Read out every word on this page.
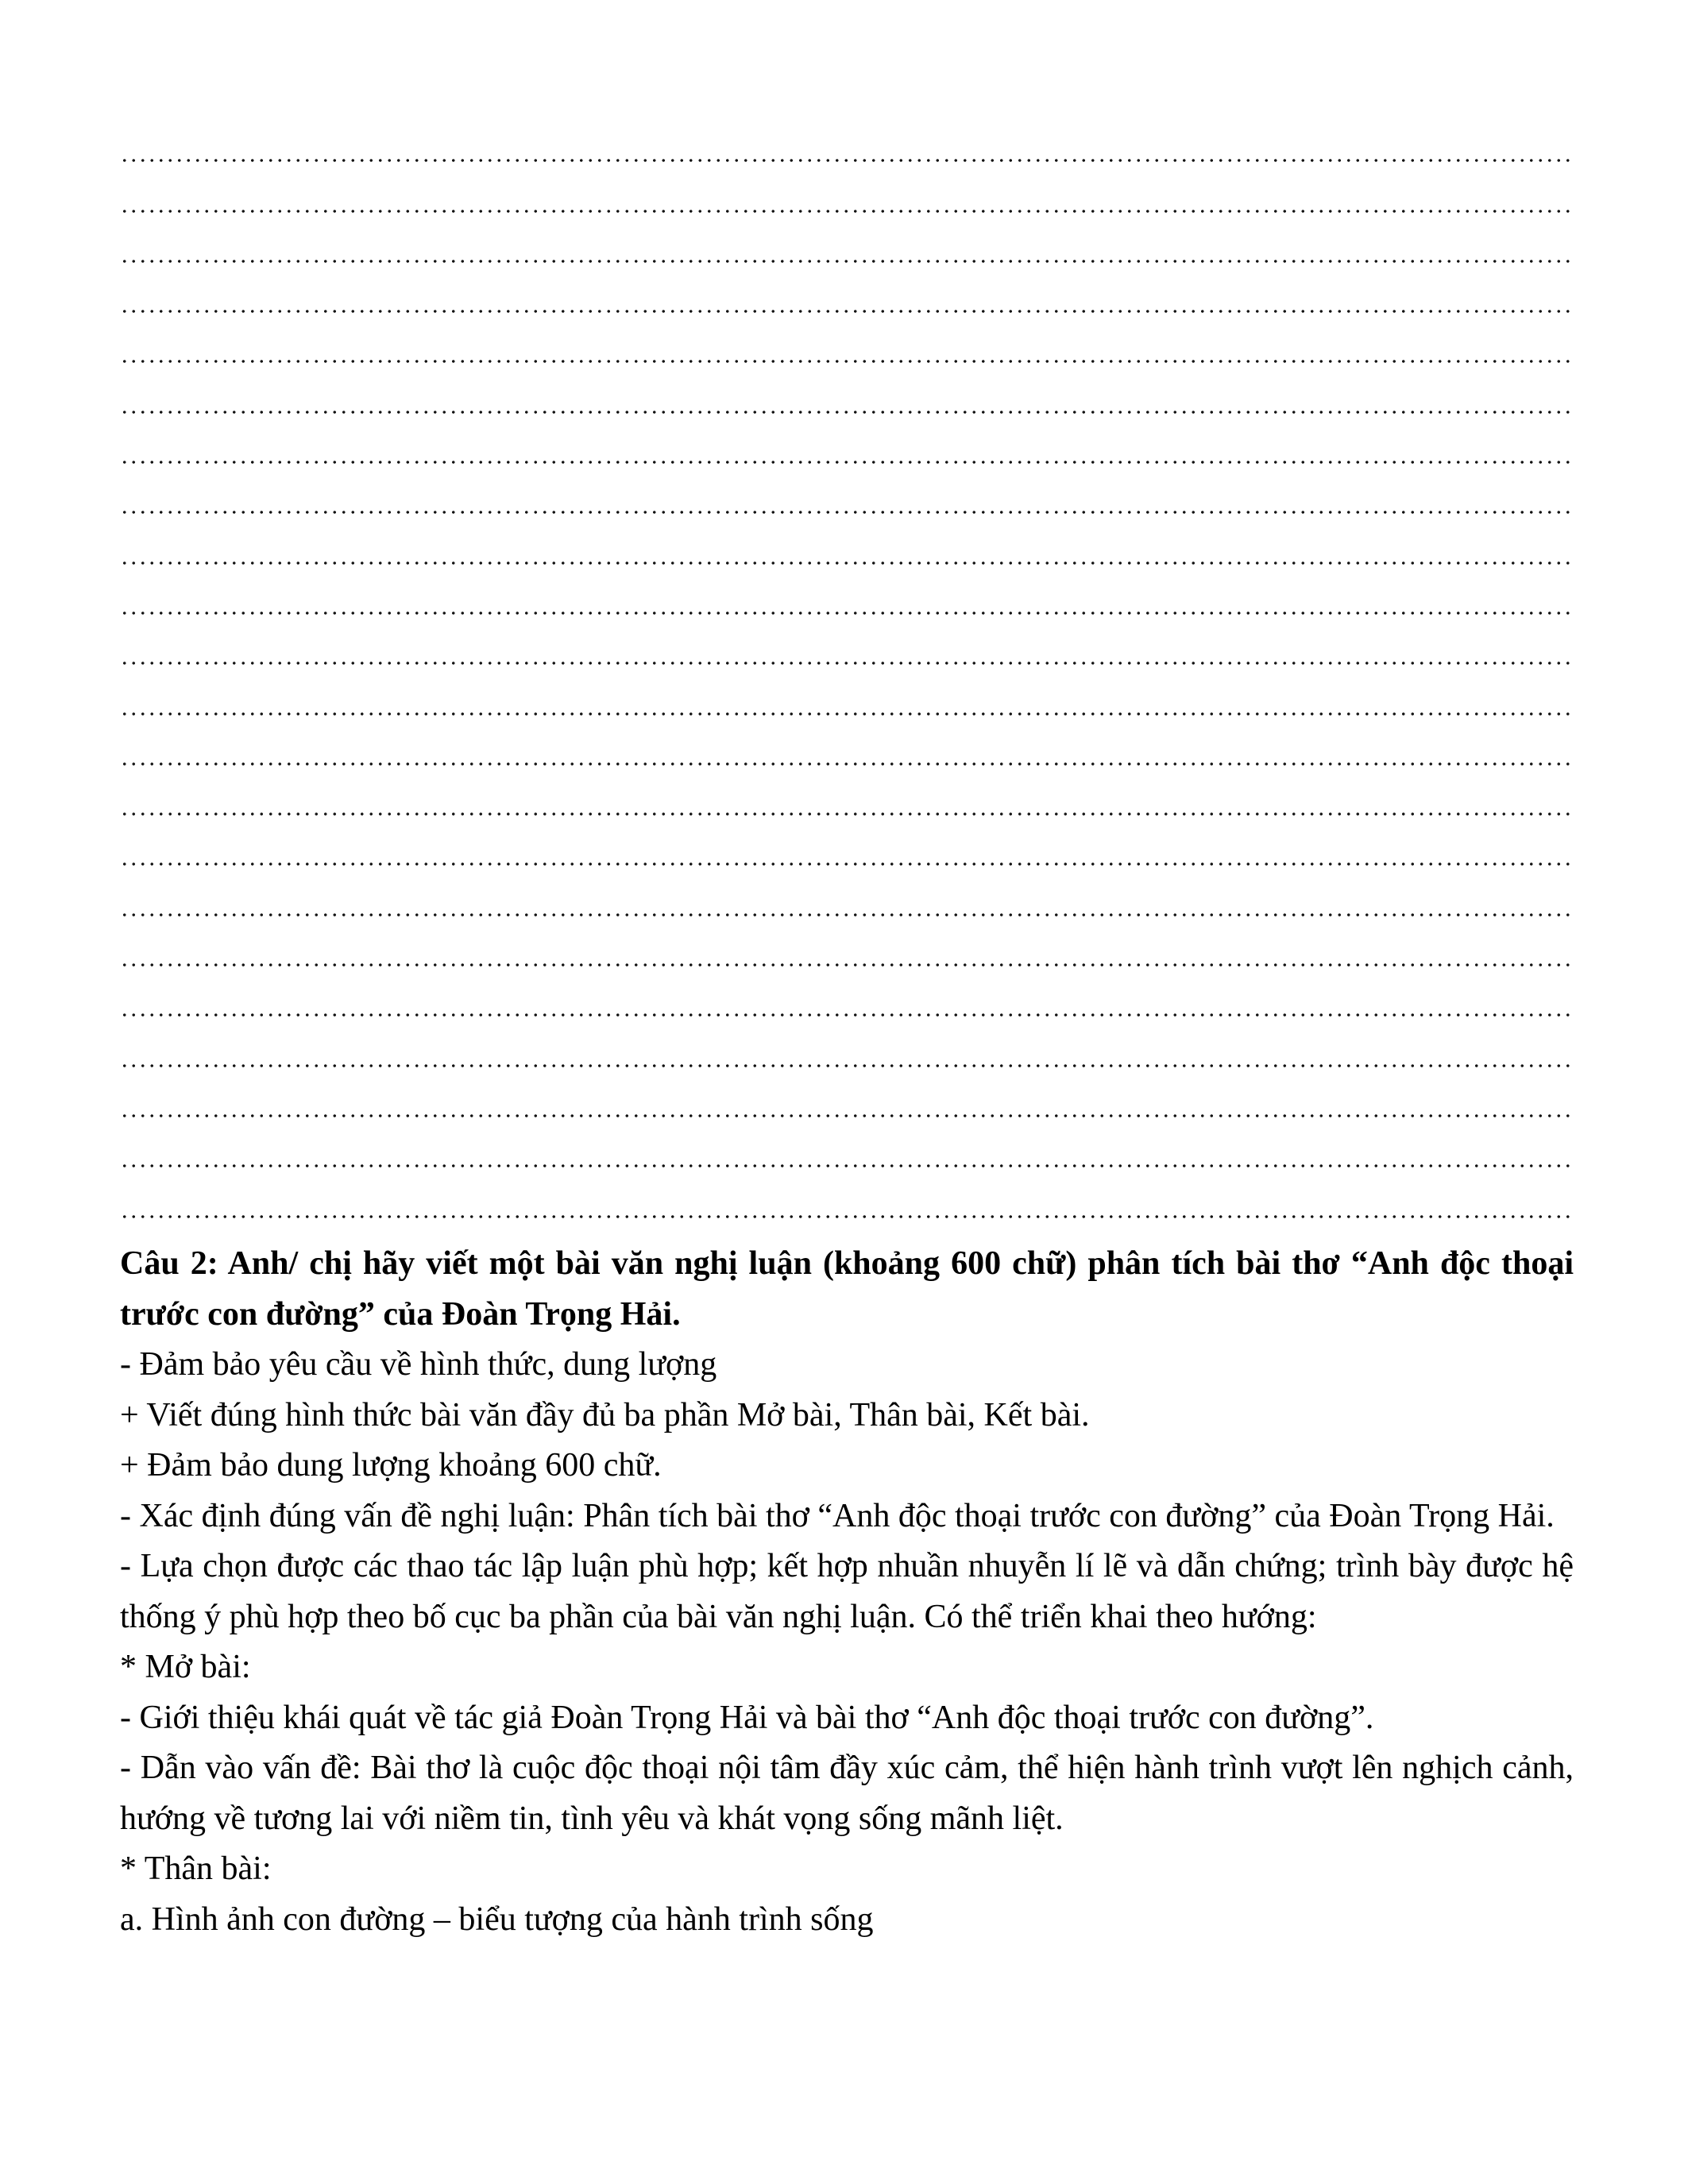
Câu 2: Anh/ chị hãy viết một bài văn nghị luận (khoảng 600 chữ) phân tích bài thơ “Anh độc thoại trước con đường” của Đoàn Trọng Hải.

- Đảm bảo yêu cầu về hình thức, dung lượng

+ Viết đúng hình thức bài văn đầy đủ ba phần Mở bài, Thân bài, Kết bài.

+ Đảm bảo dung lượng khoảng 600 chữ.

- Xác định đúng vấn đề nghị luận: Phân tích bài thơ “Anh độc thoại trước con đường” của Đoàn Trọng Hải.

- Lựa chọn được các thao tác lập luận phù hợp; kết hợp nhuần nhuyễn lí lẽ và dẫn chứng; trình bày được hệ thống ý phù hợp theo bố cục ba phần của bài văn nghị luận. Có thể triển khai theo hướng:

* Mở bài:

- Giới thiệu khái quát về tác giả Đoàn Trọng Hải và bài thơ “Anh độc thoại trước con đường”.

- Dẫn vào vấn đề: Bài thơ là cuộc độc thoại nội tâm đầy xúc cảm, thể hiện hành trình vượt lên nghịch cảnh, hướng về tương lai với niềm tin, tình yêu và khát vọng sống mãnh liệt.

* Thân bài:

a. Hình ảnh con đường – biểu tượng của hành trình sống
